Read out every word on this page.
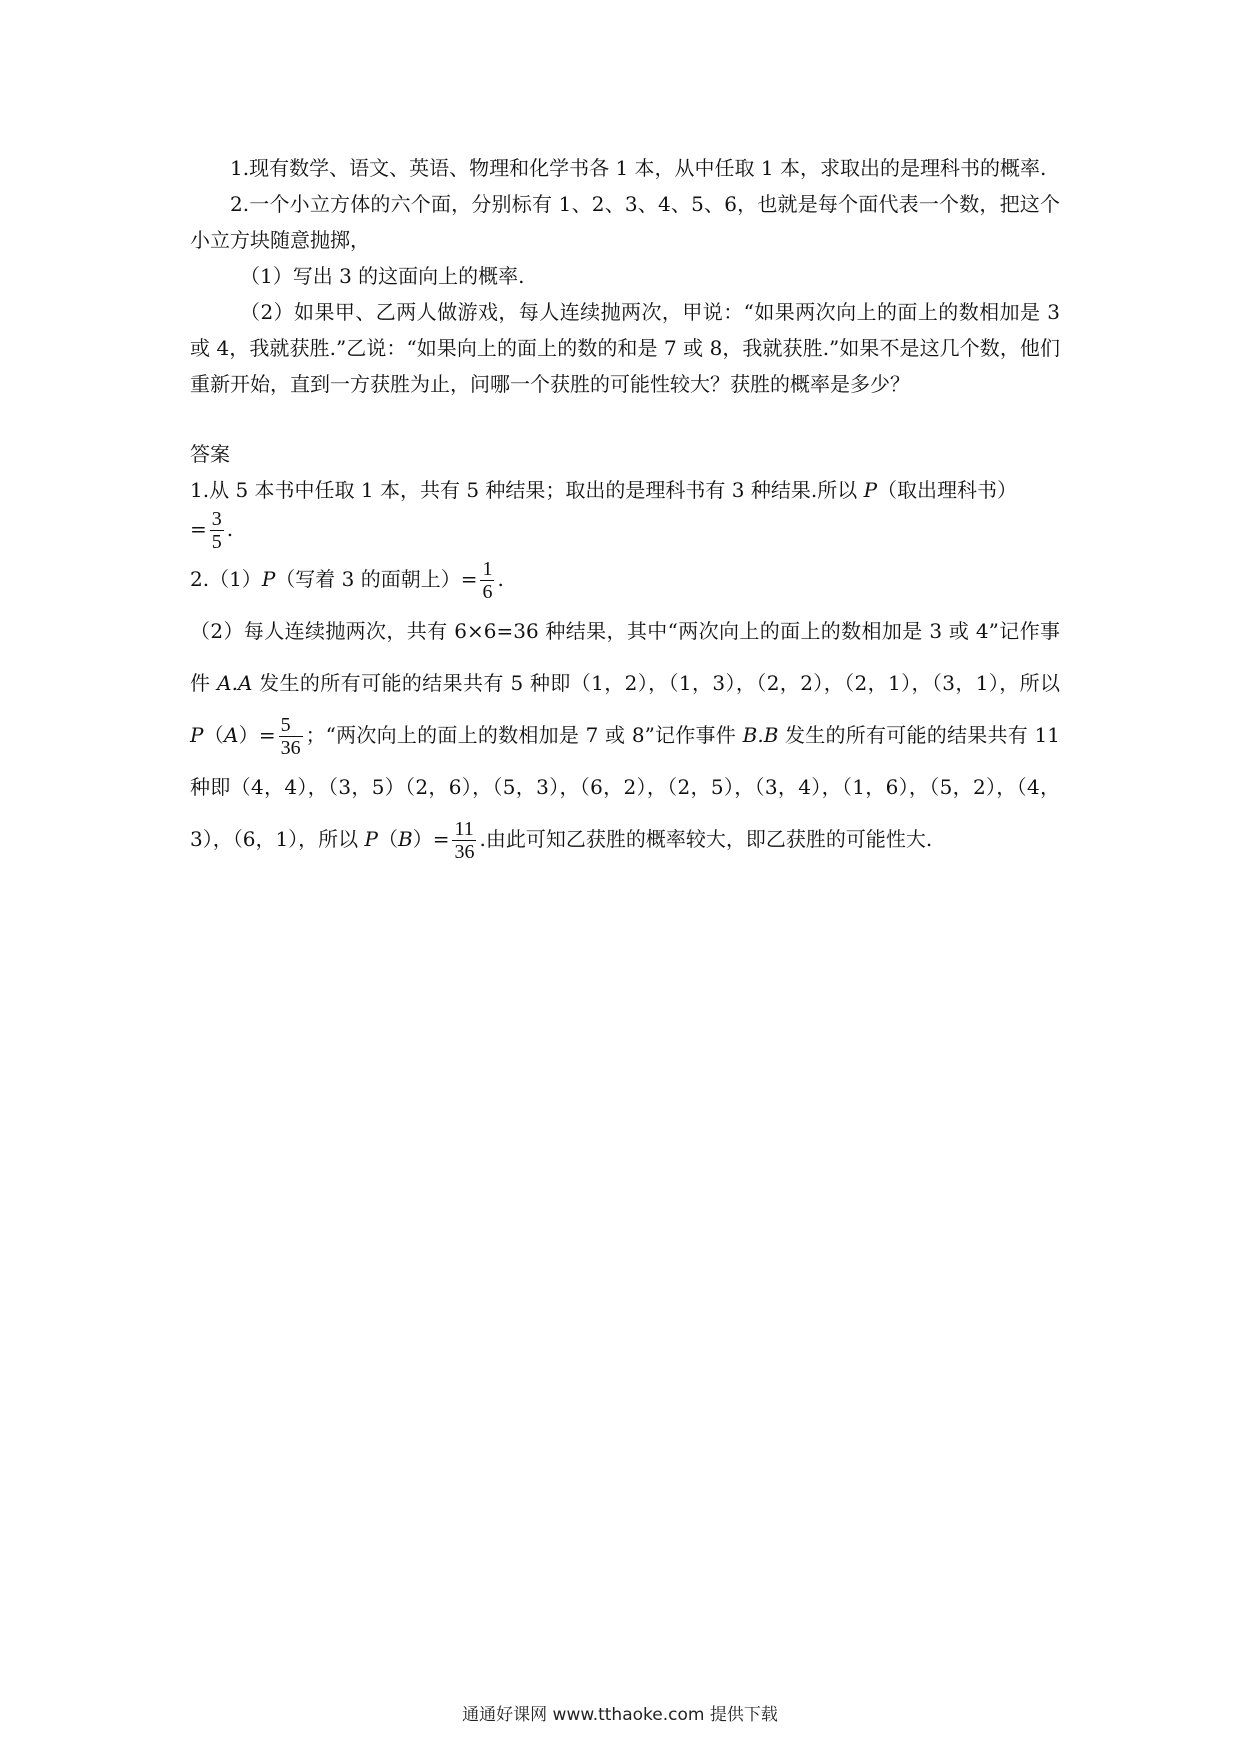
1.现有数学、语文、英语、物理和化学书各 1 本，从中任取 1 本，求取出的是理科书的概率.

2.一个小立方体的六个面，分别标有 1、2、3、4、5、6，也就是每个面代表一个数，把这个小立方块随意抛掷，

（1）写出 3 的这面向上的概率.

（2）如果甲、乙两人做游戏，每人连续抛两次，甲说：“如果两次向上的面上的数相加是 3 或 4，我就获胜.”乙说：“如果向上的面上的数的和是 7 或 8，我就获胜.”如果不是这几个数，他们重新开始，直到一方获胜为止，问哪一个获胜的可能性较大？获胜的概率是多少？

答案

1.从 5 本书中任取 1 本，共有 5 种结果；取出的是理科书有 3 种结果.所以 P（取出理科书）
= $\frac{3}{5}$ .

2.（1）P（写着 3 的面朝上）= $\frac{1}{6}$ .

（2）每人连续抛两次，共有 6×6=36 种结果，其中“两次向上的面上的数相加是 3 或 4”记作事件 A.A 发生的所有可能的结果共有 5 种即（1，2），（1，3），（2，2），（2，1），（3，1），所以 $P(A)= \frac{5}{36}$ ；“两次向上的面上的数相加是 7 或 8”记作事件 B.B 发生的所有可能的结果共有 11 种即（4，4），（3，5）（2，6），（5，3），（6，2），（2，5），（3，4），（1，6），（5，2），（4，3），（6，1），所以 $P(B)= \frac{11}{36}$ .由此可知乙获胜的概率较大，即乙获胜的可能性大.

通通好课网 www.tthaoke.com 提供下载
